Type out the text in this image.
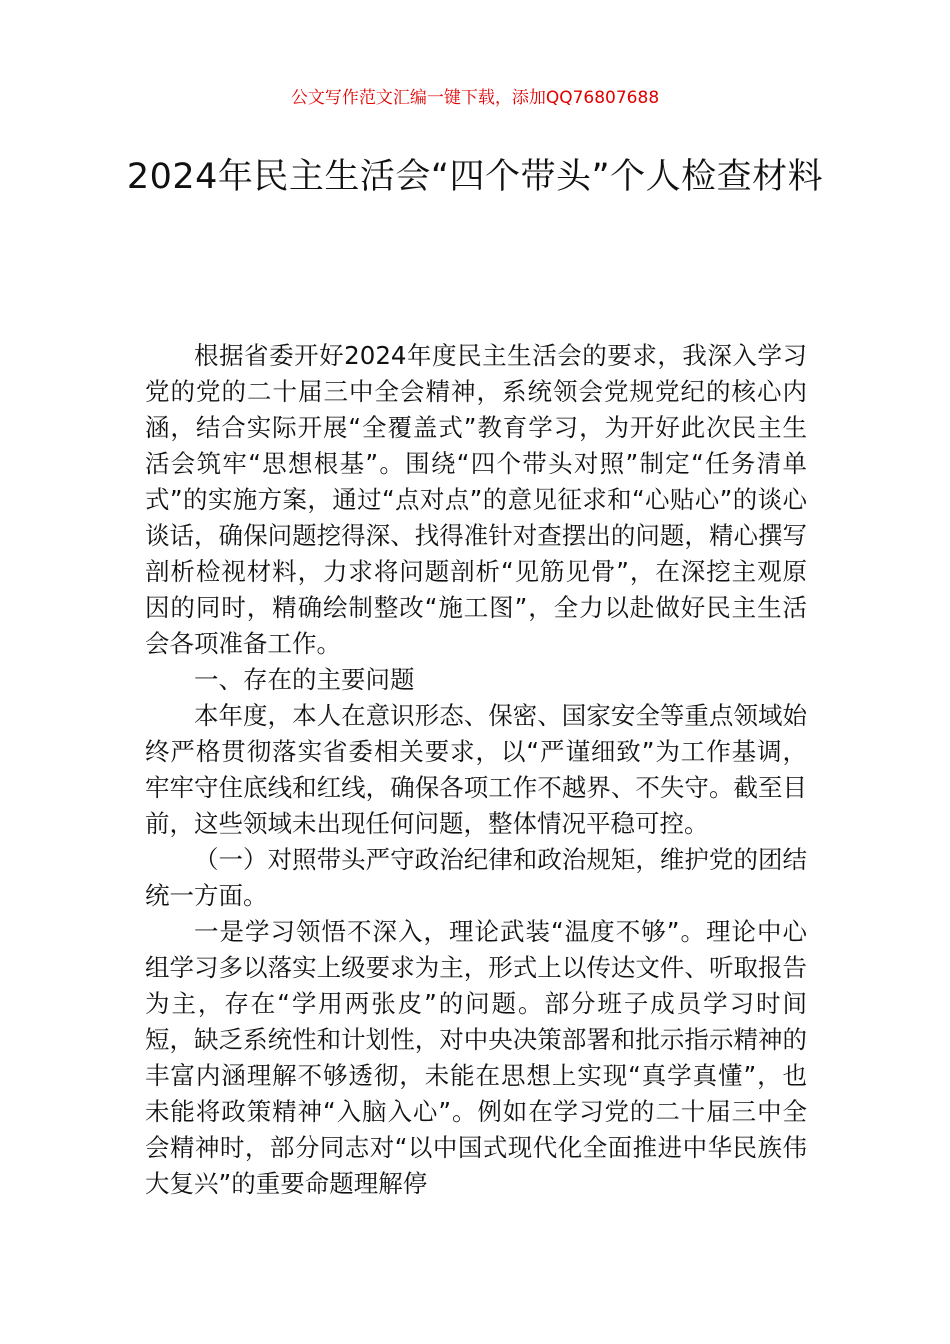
公文写作范文汇编一键下载，添加QQ76807688
2024年民主生活会“四个带头”个人检查材料

根据省委开好2024年度民主生活会的要求，我深入学习党的党的二十届三中全会精神，系统领会党规党纪的核心内涵，结合实际开展“全覆盖式”教育学习，为开好此次民主生活会筑牢“思想根基”。围绕“四个带头对照”制定“任务清单式”的实施方案，通过“点对点”的意见征求和“心贴心”的谈心谈话，确保问题挖得深、找得准针对查摆出的问题，精心撰写剖析检视材料，力求将问题剖析“见筋见骨”，在深挖主观原因的同时，精确绘制整改“施工图”，全力以赴做好民主生活会各项准备工作。

一、存在的主要问题

本年度，本人在意识形态、保密、国家安全等重点领域始终严格贯彻落实省委相关要求，以“严谨细致”为工作基调，牢牢守住底线和红线，确保各项工作不越界、不失守。截至目前，这些领域未出现任何问题，整体情况平稳可控。

（一）对照带头严守政治纪律和政治规矩，维护党的团结统一方面。

一是学习领悟不深入，理论武装“温度不够”。理论中心组学习多以落实上级要求为主，形式上以传达文件、听取报告为主，存在“学用两张皮”的问题。部分班子成员学习时间短，缺乏系统性和计划性，对中央决策部署和批示指示精神的丰富内涵理解不够透彻，未能在思想上实现“真学真懂”，也未能将政策精神“入脑入心”。例如在学习党的二十届三中全会精神时，部分同志对“以中国式现代化全面推进中华民族伟大复兴”的重要命题理解停
